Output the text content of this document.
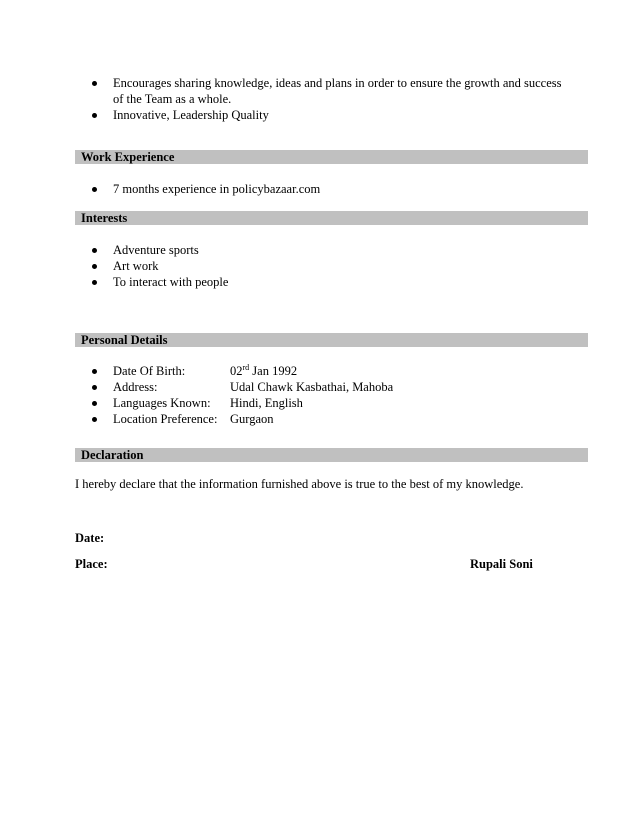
Encourages sharing knowledge, ideas and plans in order to ensure the growth and success
of the Team as a whole.
Innovative, Leadership Quality
Work Experience
7 months experience in policybazaar.com
Interests
Adventure sports
Art work
To interact with people
Personal Details
Date Of Birth:	02rd Jan 1992
Address:	Udal Chawk Kasbathai, Mahoba
Languages Known: Hindi, English
Location Preference: Gurgaon
Declaration
I hereby declare that the information furnished above is true to the best of my knowledge.
Date:
Place:	Rupali Soni
